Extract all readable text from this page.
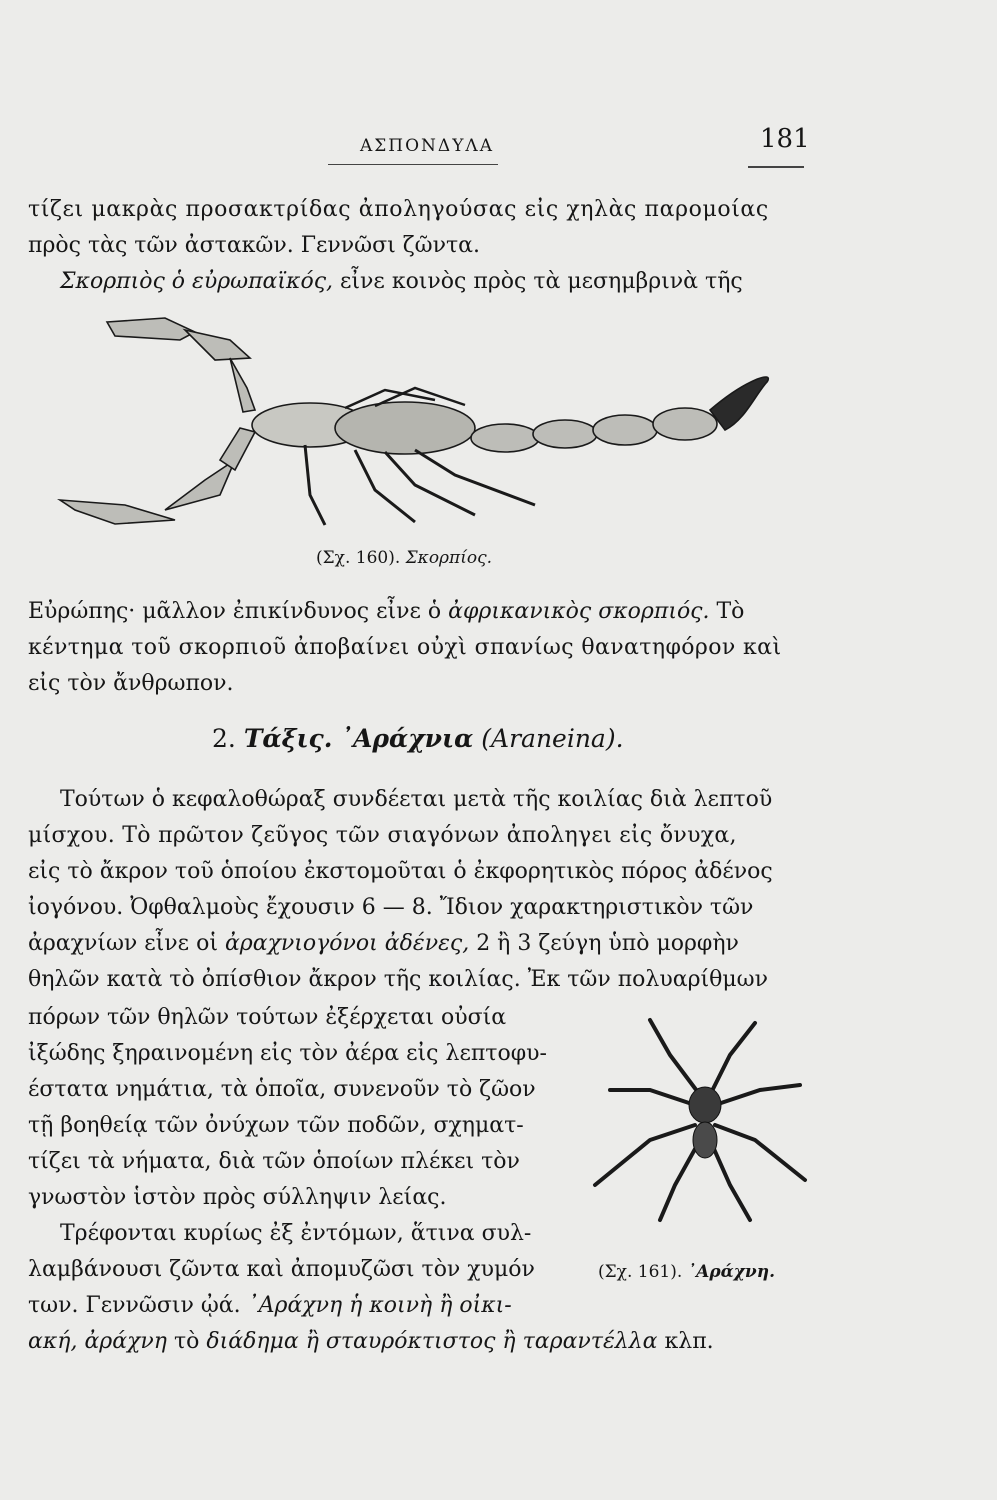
ΑΣΠΟΝΔΥΛΑ	181
τίζει μακρὰς προσακτρίδας ἀποληγούσας εἰς χηλὰς παρομοίας
πρὸς τὰς τῶν ἀστακῶν. Γεννῶσι ζῶντα.
Σκορπιὸς ὁ εὐρωπαϊκός, εἶνε κοινὸς πρὸς τὰ μεσημβρινὰ τῆς
(Σχ. 160). Σκορπίος.
Εὐρώπης· μᾶλλον ἐπικίνδυνος εἶνε ὁ ἀφρικανικὸς σκορπιός. Τὸ
κέντημα τοῦ σκορπιοῦ ἀποβαίνει οὐχὶ σπανίως θανατηφόρον καὶ
εἰς τὸν ἄνθρωπον.
2. Τάξις. ᾿Αράχνια (Araneina).
Τούτων ὁ κεφαλοθώραξ συνδέεται μετὰ τῆς κοιλίας διὰ λεπτοῦ
μίσχου. Τὸ πρῶτον ζεῦγος τῶν σιαγόνων ἀποληγει εἰς ὄνυχα,
εἰς τὸ ἄκρον τοῦ ὁποίου ἐκστομοῦται ὁ ἐκφορητικὸς πόρος ἀδένος
ἰογόνου. Ὀφθαλμοὺς ἔχουσιν 6 — 8. Ἴδιον χαρακτηριστικὸν τῶν
ἀραχνίων εἶνε οἱ ἀραχνιογόνοι ἀδένες, 2 ἢ 3 ζεύγη ὑπὸ μορφὴν
θηλῶν κατὰ τὸ ὀπίσθιον ἄκρον τῆς κοιλίας. Ἐκ τῶν πολυαρίθμων
πόρων τῶν θηλῶν τούτων ἐξέρχεται οὐσία
ἰξώδης ξηραινομένη εἰς τὸν ἀέρα εἰς λεπτοφυ-
έστατα νημάτια, τὰ ὁποῖα, συνενοῦν τὸ ζῶον
τῇ βοηθείᾳ τῶν ὀνύχων τῶν ποδῶν, σχηματ-
τίζει τὰ νήματα, διὰ τῶν ὁποίων πλέκει τὸν
γνωστὸν ἱστὸν πρὸς σύλληψιν λείας.
Τρέφονται κυρίως ἐξ ἐντόμων, ἅτινα συλ-
λαμβάνουσι ζῶντα καὶ ἀπομυζῶσι τὸν χυμόν
των. Γεννῶσιν ᾠά. ᾿Αράχνη ἡ κοινὴ ἢ οἰκι-
ακή, ἀράχνη τὸ διάδημα ἢ σταυρόκτιστος ἢ ταραντέλλα κλπ.
(Σχ. 161). ᾿Αράχνη.
